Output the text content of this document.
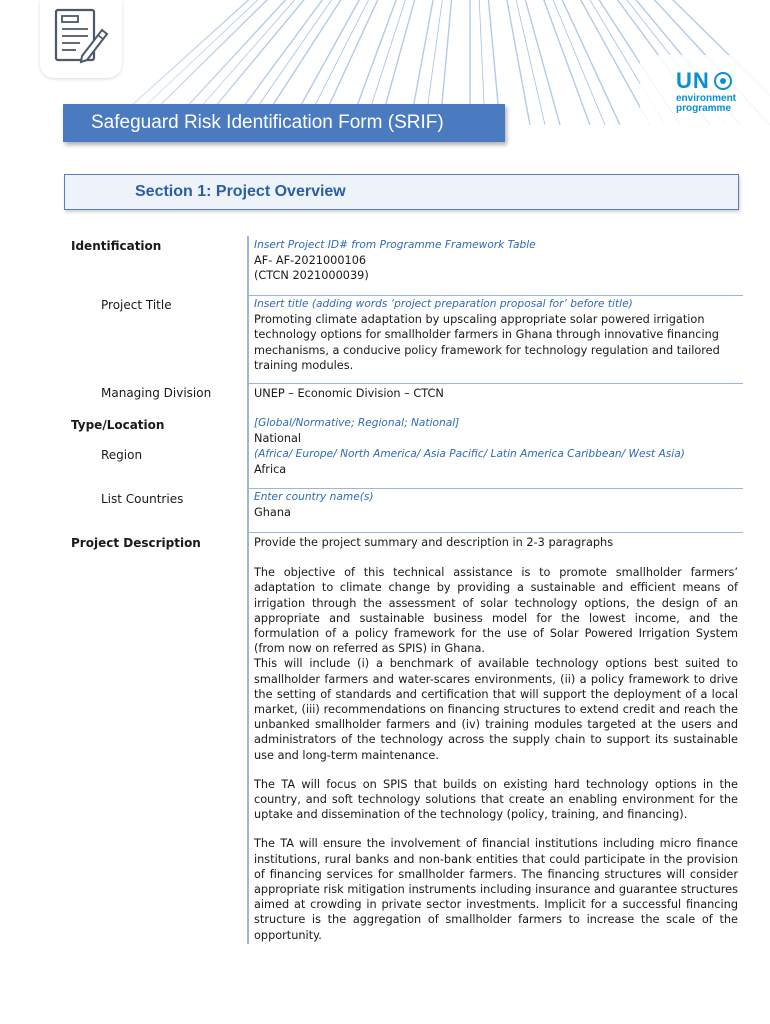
UN
environment
programme
Safeguard Risk Identification Form (SRIF)
Section 1: Project Overview
Identification
Project Title
Managing Division
Type/Location
Region
List Countries
Project Description
Insert Project ID# from Programme Framework Table
AF- AF-2021000106
(CTCN 2021000039)
Insert title (adding words ‘project preparation proposal for’ before title)
Promoting climate adaptation by upscaling appropriate solar powered irrigation technology options for smallholder farmers in Ghana through innovative financing mechanisms, a conducive policy framework for technology regulation and tailored training modules.
UNEP – Economic Division – CTCN
[Global/Normative; Regional; National]
National
(Africa/ Europe/ North America/ Asia Pacific/ Latin America Caribbean/ West Asia)
Africa
Enter country name(s)
Ghana

Provide the project summary and description in 2-3 paragraphs

The objective of this technical assistance is to promote smallholder farmers’ adaptation to climate change by providing a sustainable and efficient means of irrigation through the assessment of solar technology options, the design of an appropriate and sustainable business model for the lowest income, and the formulation of a policy framework for the use of Solar Powered Irrigation System (from now on referred as SPIS) in Ghana.

This will include (i) a benchmark of available technology options best suited to smallholder farmers and water-scares environments, (ii) a policy framework to drive the setting of standards and certification that will support the deployment of a local market, (iii) recommendations on financing structures to extend credit and reach the unbanked smallholder farmers and (iv) training modules targeted at the users and administrators of the technology across the supply chain to support its sustainable use and long-term maintenance.

The TA will focus on SPIS that builds on existing hard technology options in the country, and soft technology solutions that create an enabling environment for the uptake and dissemination of the technology (policy, training, and financing).

The TA will ensure the involvement of financial institutions including micro finance institutions, rural banks and non-bank entities that could participate in the provision of financing services for smallholder farmers. The financing structures will consider appropriate risk mitigation instruments including insurance and guarantee structures aimed at crowding in private sector investments. Implicit for a successful financing structure is the aggregation of smallholder farmers to increase the scale of the opportunity.
